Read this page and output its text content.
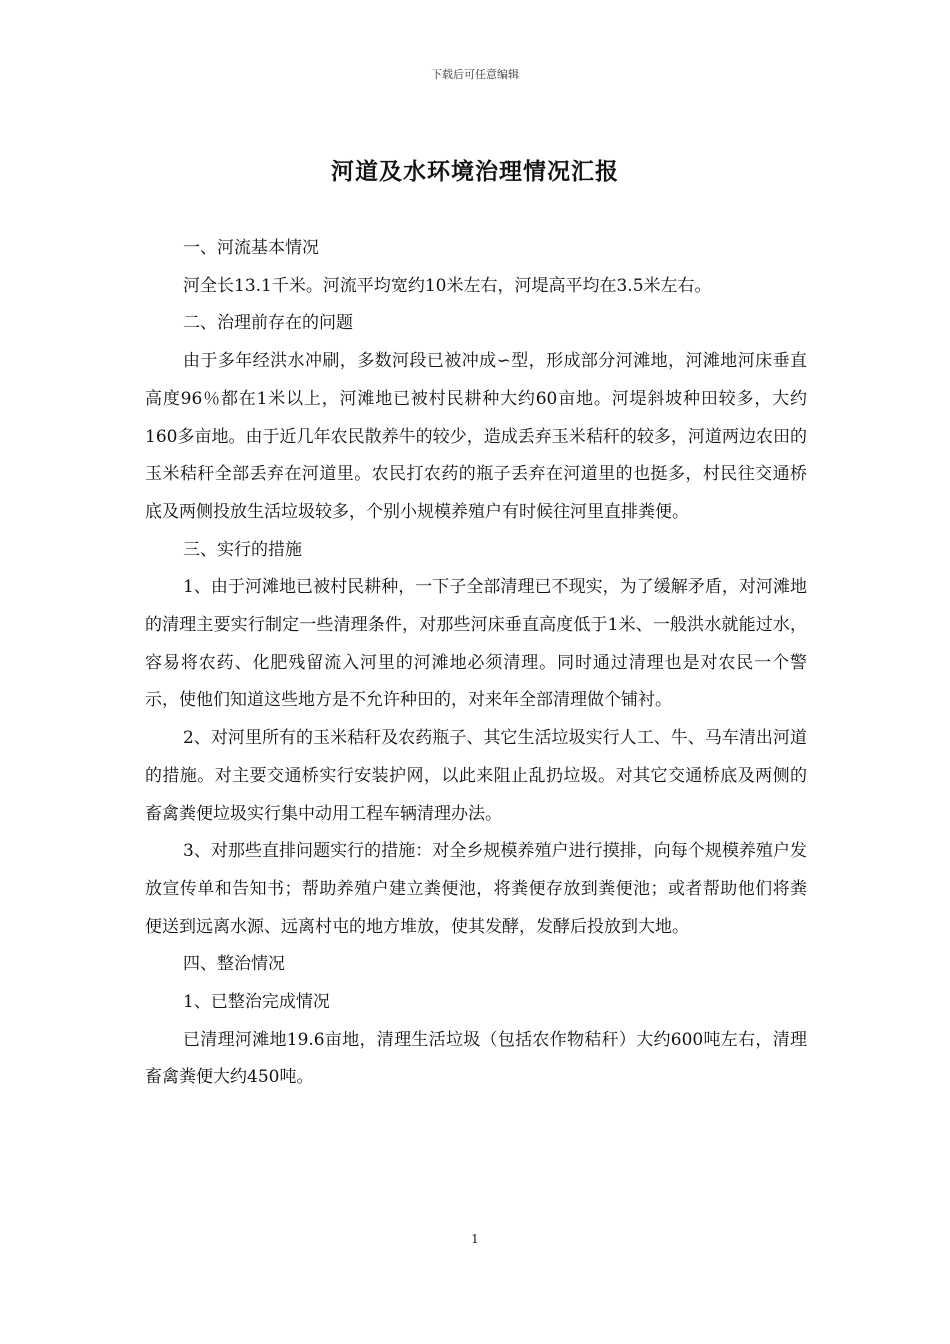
下载后可任意编辑
河道及水环境治理情况汇报

一、河流基本情况

河全长13.1千米。河流平均宽约10米左右，河堤高平均在3.5米左右。

二、治理前存在的问题

由于多年经洪水冲刷，多数河段已被冲成∽型，形成部分河滩地，河滩地河床垂直高度96％都在1米以上，河滩地已被村民耕种大约60亩地。河堤斜坡种田较多，大约160多亩地。由于近几年农民散养牛的较少，造成丢弃玉米秸秆的较多，河道两边农田的玉米秸秆全部丢弃在河道里。农民打农药的瓶子丢弃在河道里的也挺多，村民往交通桥底及两侧投放生活垃圾较多，个别小规模养殖户有时候往河里直排粪便。

三、实行的措施

1、由于河滩地已被村民耕种，一下子全部清理已不现实，为了缓解矛盾，对河滩地的清理主要实行制定一些清理条件，对那些河床垂直高度低于1米、一般洪水就能过水，容易将农药、化肥残留流入河里的河滩地必须清理。同时通过清理也是对农民一个警示，使他们知道这些地方是不允许种田的，对来年全部清理做个铺衬。

2、对河里所有的玉米秸秆及农药瓶子、其它生活垃圾实行人工、牛、马车清出河道的措施。对主要交通桥实行安装护网，以此来阻止乱扔垃圾。对其它交通桥底及两侧的畜禽粪便垃圾实行集中动用工程车辆清理办法。

3、对那些直排问题实行的措施：对全乡规模养殖户进行摸排，向每个规模养殖户发放宣传单和告知书；帮助养殖户建立粪便池，将粪便存放到粪便池；或者帮助他们将粪便送到远离水源、远离村屯的地方堆放，使其发酵，发酵后投放到大地。

四、整治情况

1、已整治完成情况

已清理河滩地19.6亩地，清理生活垃圾（包括农作物秸秆）大约600吨左右，清理畜禽粪便大约450吨。

1
